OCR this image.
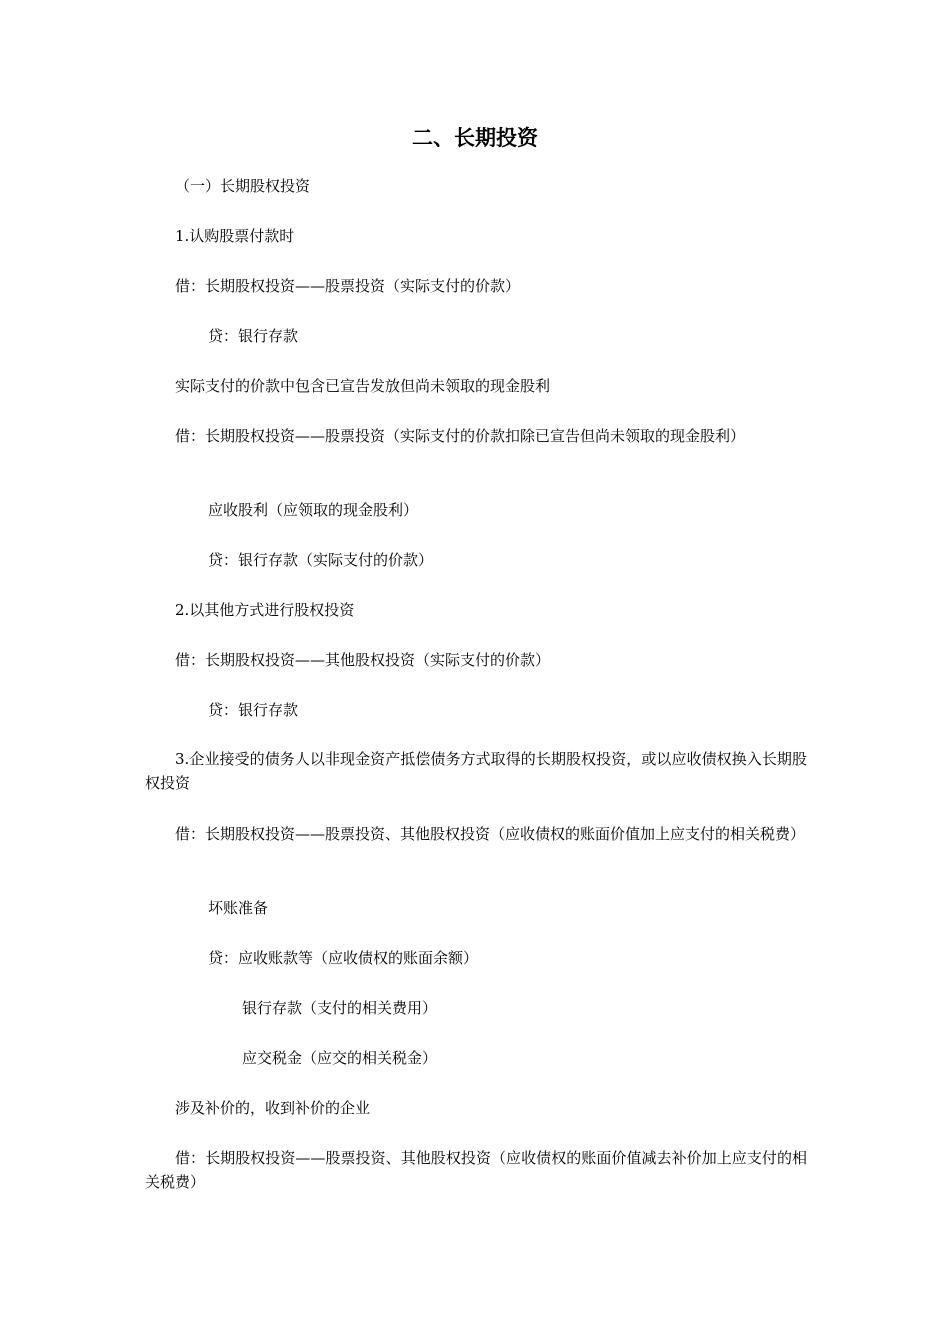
二、长期投资

（一）长期股权投资

1.认购股票付款时

借：长期股权投资——股票投资（实际支付的价款）

贷：银行存款

实际支付的价款中包含已宣告发放但尚未领取的现金股利

借：长期股权投资——股票投资（实际支付的价款扣除已宣告但尚未领取的现金股利）

应收股利（应领取的现金股利）

贷：银行存款（实际支付的价款）

2.以其他方式进行股权投资

借：长期股权投资——其他股权投资（实际支付的价款）

贷：银行存款

3.企业接受的债务人以非现金资产抵偿债务方式取得的长期股权投资，或以应收债权换入长期股权投资

借：长期股权投资——股票投资、其他股权投资（应收债权的账面价值加上应支付的相关税费）

坏账准备

贷：应收账款等（应收债权的账面余额）

银行存款（支付的相关费用）

应交税金（应交的相关税金）

涉及补价的，收到补价的企业

借：长期股权投资——股票投资、其他股权投资（应收债权的账面价值减去补价加上应支付的相关税费）
